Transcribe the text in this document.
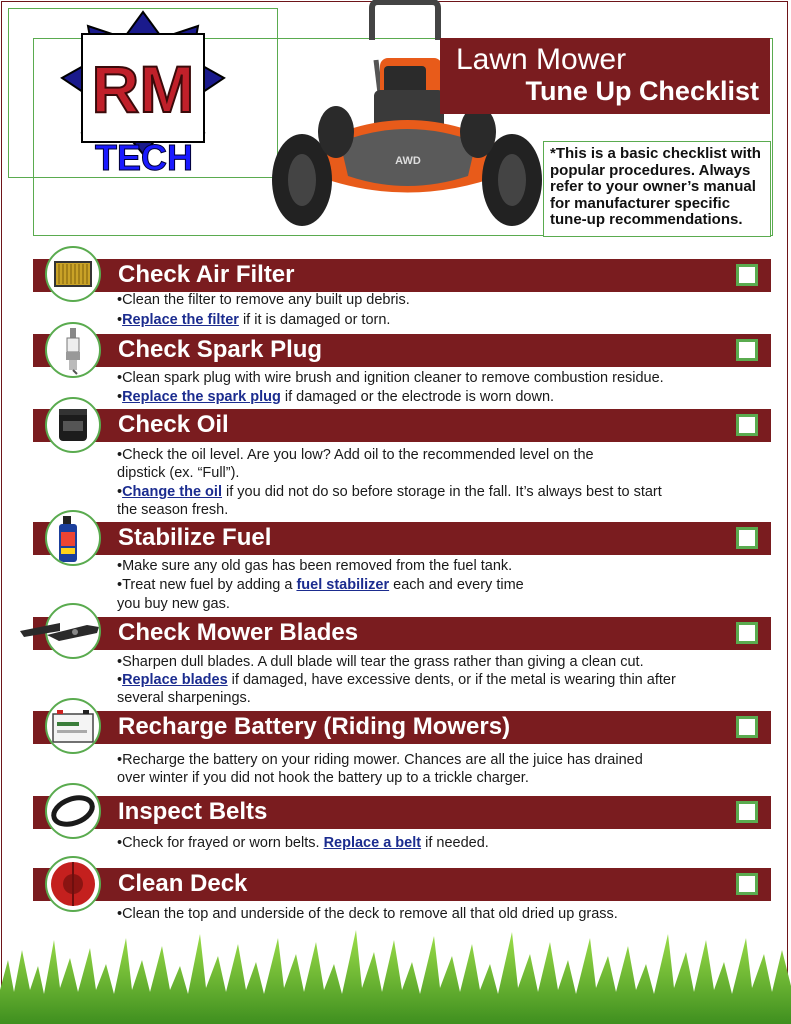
RM
TECH	AWD
Lawn Mower
Tune Up Checklist
*This is a basic checklist with popular procedures. Always refer to your owner’s manual for manufacturer specific tune-up recommendations.
Check Air Filter
•Clean the filter to remove any built up debris.
•Replace the filter if it is damaged or torn.
Check Spark Plug
•Clean spark plug with wire brush and ignition cleaner to remove combustion residue.
•Replace the spark plug if damaged or the electrode is worn down.
Check Oil
•Check the oil level. Are you low? Add oil to the recommended level on the
dipstick (ex. “Full”).
•Change the oil if you did not do so before storage in the fall. It’s always best to start
the season fresh.
Stabilize Fuel
•Make sure any old gas has been removed from the fuel tank.
•Treat new fuel by adding a fuel stabilizer each and every time
you buy new gas.
Check Mower Blades
•Sharpen dull blades. A dull blade will tear the grass rather than giving a clean cut.
•Replace blades if damaged, have excessive dents, or if the metal is wearing thin after
several sharpenings.
Recharge Battery (Riding Mowers)
•Recharge the battery on your riding mower. Chances are all the juice has drained
over winter if you did not hook the battery up to a trickle charger.
Inspect Belts
•Check for frayed or worn belts. Replace a belt if needed.
Clean Deck
•Clean the top and underside of the deck to remove all that old dried up grass.
